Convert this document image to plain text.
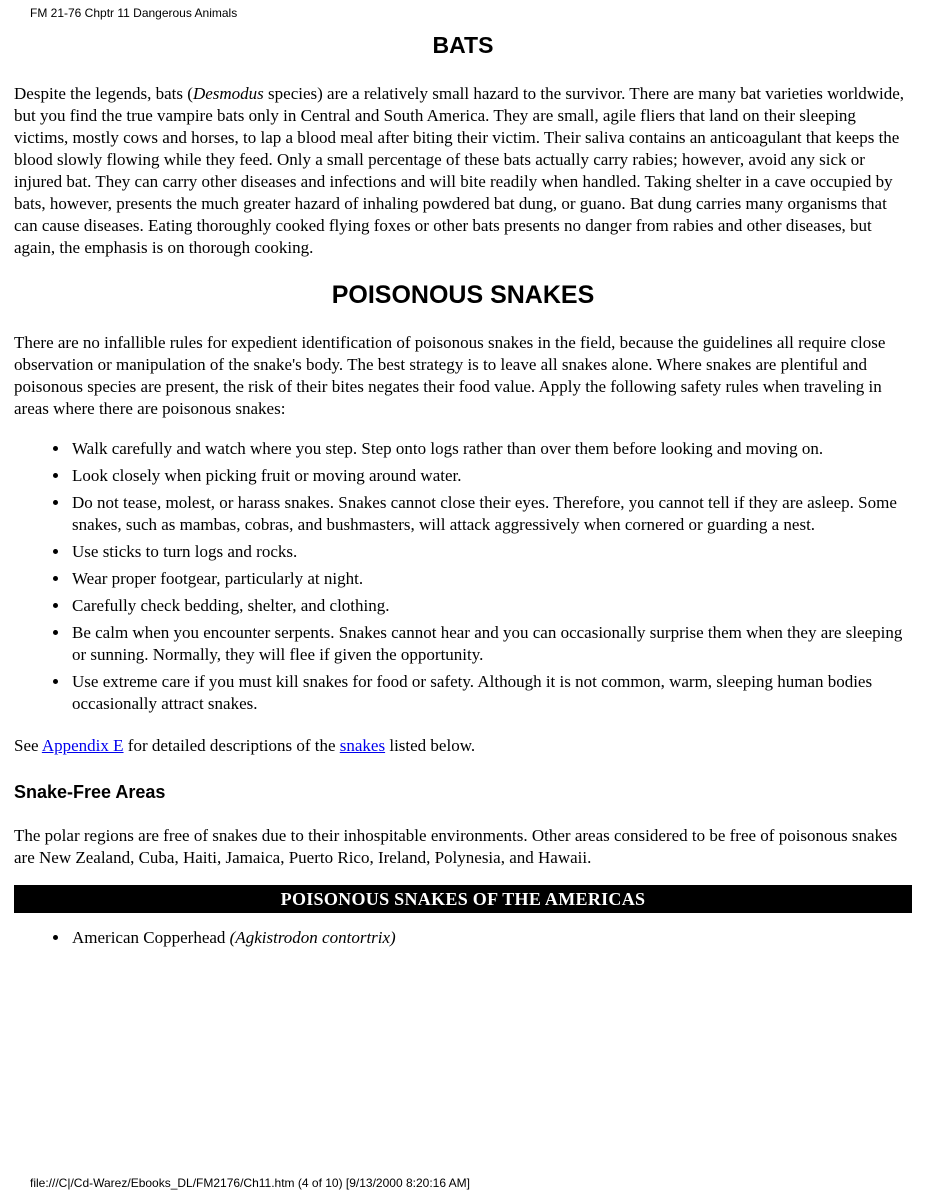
FM 21-76 Chptr 11 Dangerous Animals
BATS

Despite the legends, bats (Desmodus species) are a relatively small hazard to the survivor. There are many bat varieties worldwide, but you find the true vampire bats only in Central and South America. They are small, agile fliers that land on their sleeping victims, mostly cows and horses, to lap a blood meal after biting their victim. Their saliva contains an anticoagulant that keeps the blood slowly flowing while they feed. Only a small percentage of these bats actually carry rabies; however, avoid any sick or injured bat. They can carry other diseases and infections and will bite readily when handled. Taking shelter in a cave occupied by bats, however, presents the much greater hazard of inhaling powdered bat dung, or guano. Bat dung carries many organisms that can cause diseases. Eating thoroughly cooked flying foxes or other bats presents no danger from rabies and other diseases, but again, the emphasis is on thorough cooking.

POISONOUS SNAKES

There are no infallible rules for expedient identification of poisonous snakes in the field, because the guidelines all require close observation or manipulation of the snake's body. The best strategy is to leave all snakes alone. Where snakes are plentiful and poisonous species are present, the risk of their bites negates their food value. Apply the following safety rules when traveling in areas where there are poisonous snakes:

• Walk carefully and watch where you step. Step onto logs rather than over them before looking and moving on.
• Look closely when picking fruit or moving around water.
• Do not tease, molest, or harass snakes. Snakes cannot close their eyes. Therefore, you cannot tell if they are asleep. Some snakes, such as mambas, cobras, and bushmasters, will attack aggressively when cornered or guarding a nest.
• Use sticks to turn logs and rocks.
• Wear proper footgear, particularly at night.
• Carefully check bedding, shelter, and clothing.
• Be calm when you encounter serpents. Snakes cannot hear and you can occasionally surprise them when they are sleeping or sunning. Normally, they will flee if given the opportunity.
• Use extreme care if you must kill snakes for food or safety. Although it is not common, warm, sleeping human bodies occasionally attract snakes.

See Appendix E for detailed descriptions of the snakes listed below.

Snake-Free Areas

The polar regions are free of snakes due to their inhospitable environments. Other areas considered to be free of poisonous snakes are New Zealand, Cuba, Haiti, Jamaica, Puerto Rico, Ireland, Polynesia, and Hawaii.

POISONOUS SNAKES OF THE AMERICAS
• American Copperhead (Agkistrodon contortrix)
file:///C|/Cd-Warez/Ebooks_DL/FM2176/Ch11.htm (4 of 10) [9/13/2000 8:20:16 AM]
